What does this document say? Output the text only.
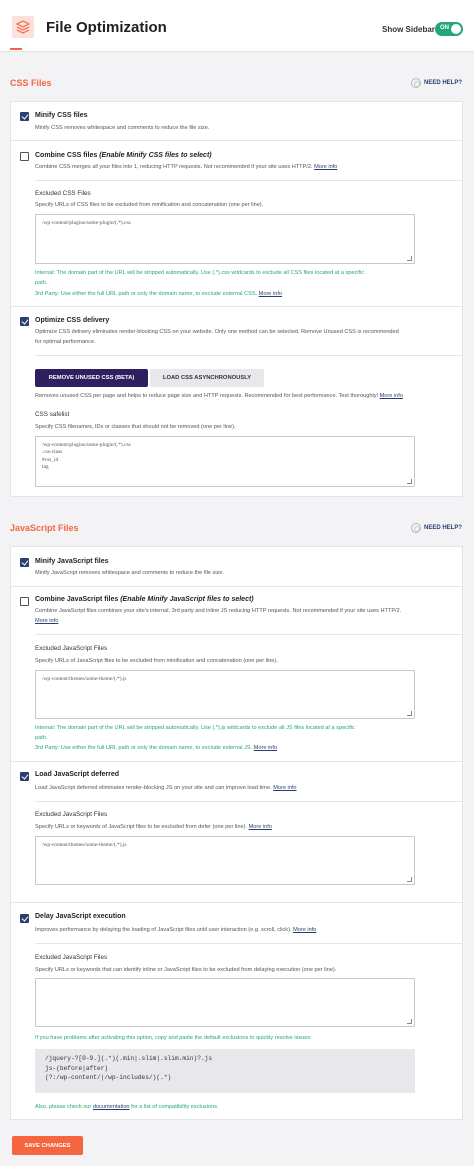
File Optimization	Show Sidebar ON
CSS Files	NEED HELP?
Minify CSS files
Minify CSS removes whitespace and comments to reduce the file size.
Combine CSS files (Enable Minify CSS files to select)
Combine CSS merges all your files into 1, reducing HTTP requests. Not recommended if your site uses HTTP/2. More info
Excluded CSS Files
Specify URLs of CSS files to be excluded from minification and concatenation (one per line).
/wp-content/plugins/some-plugin/(.*).css
Internal: The domain part of the URL will be stripped automatically. Use (.*).css wildcards to exclude all CSS files located at a specific
path.
3rd Party: Use either the full URL path or only the domain name, to exclude external CSS. More info
Optimize CSS delivery
Optimize CSS delivery eliminates render-blocking CSS on your website. Only one method can be selected. Remove Unused CSS is recommended
for optimal performance.
REMOVE UNUSED CSS (BETA)	LOAD CSS ASYNCHRONOUSLY
Removes unused CSS per page and helps to reduce page size and HTTP requests. Recommended for best performance. Test thoroughly! More info
CSS safelist
Specify CSS filenames, IDs or classes that should not be removed (one per line).
/wp-content/plugins/some-plugin/(.*).css
.css-class
#css_id
tag
JavaScript Files	NEED HELP?
Minify JavaScript files
Minify JavaScript removes whitespace and comments to reduce the file size.
Combine JavaScript files (Enable Minify JavaScript files to select)
Combine JavaScript files combines your site's internal, 3rd party and inline JS reducing HTTP requests. Not recommended if your site uses HTTP/2.
More info
Excluded JavaScript Files
Specify URLs of JavaScript files to be excluded from minification and concatenation (one per line).
/wp-content/themes/some-theme/(.*).js
Internal: The domain part of the URL will be stripped automatically. Use (.*).js wildcards to exclude all JS files located at a specific
path.
3rd Party: Use either the full URL path or only the domain name, to exclude external JS. More info
Load JavaScript deferred
Load JavaScript deferred eliminates render-blocking JS on your site and can improve load time. More info
Excluded JavaScript Files
Specify URLs or keywords of JavaScript files to be excluded from defer (one per line). More info
/wp-content/themes/some-theme/(.*).js
Delay JavaScript execution
Improves performance by delaying the loading of JavaScript files until user interaction (e.g. scroll, click). More info
Excluded JavaScript Files
Specify URLs or keywords that can identify inline or JavaScript files to be excluded from delaying execution (one per line).
If you have problems after activating this option, copy and paste the default exclusions to quickly resolve issues:
/jquery-?[0-9.](.*)(.min|.slim|.slim.min)?.js
js-(before|after)
(?:/wp-content/|/wp-includes/)(.*)
Also, please check our documentation for a list of compatibility exclusions.
SAVE CHANGES
